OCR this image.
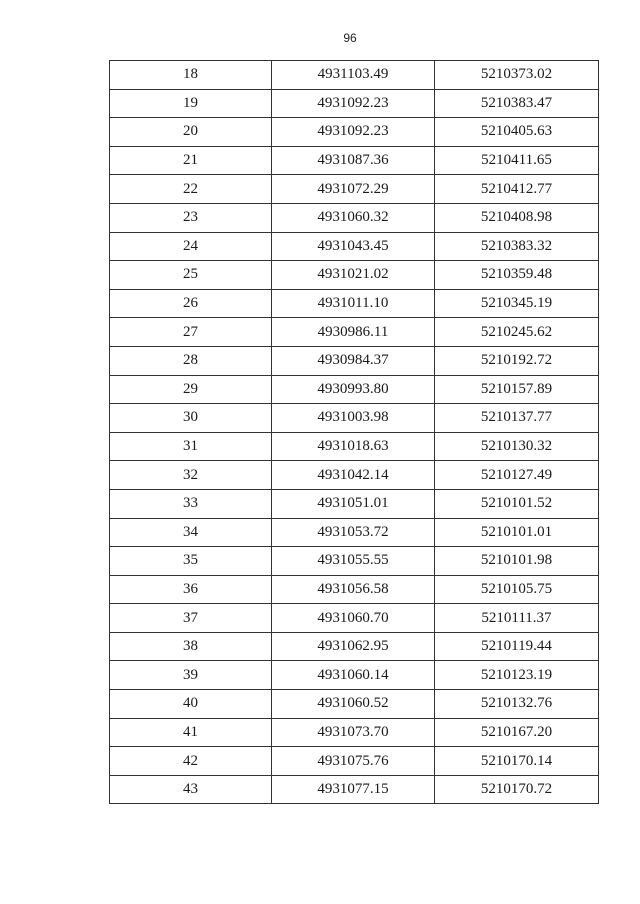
96
18	4931103.49	5210373.02
19	4931092.23	5210383.47
20	4931092.23	5210405.63
21	4931087.36	5210411.65
22	4931072.29	5210412.77
23	4931060.32	5210408.98
24	4931043.45	5210383.32
25	4931021.02	5210359.48
26	4931011.10	5210345.19
27	4930986.11	5210245.62
28	4930984.37	5210192.72
29	4930993.80	5210157.89
30	4931003.98	5210137.77
31	4931018.63	5210130.32
32	4931042.14	5210127.49
33	4931051.01	5210101.52
34	4931053.72	5210101.01
35	4931055.55	5210101.98
36	4931056.58	5210105.75
37	4931060.70	5210111.37
38	4931062.95	5210119.44
39	4931060.14	5210123.19
40	4931060.52	5210132.76
41	4931073.70	5210167.20
42	4931075.76	5210170.14
43	4931077.15	5210170.72
